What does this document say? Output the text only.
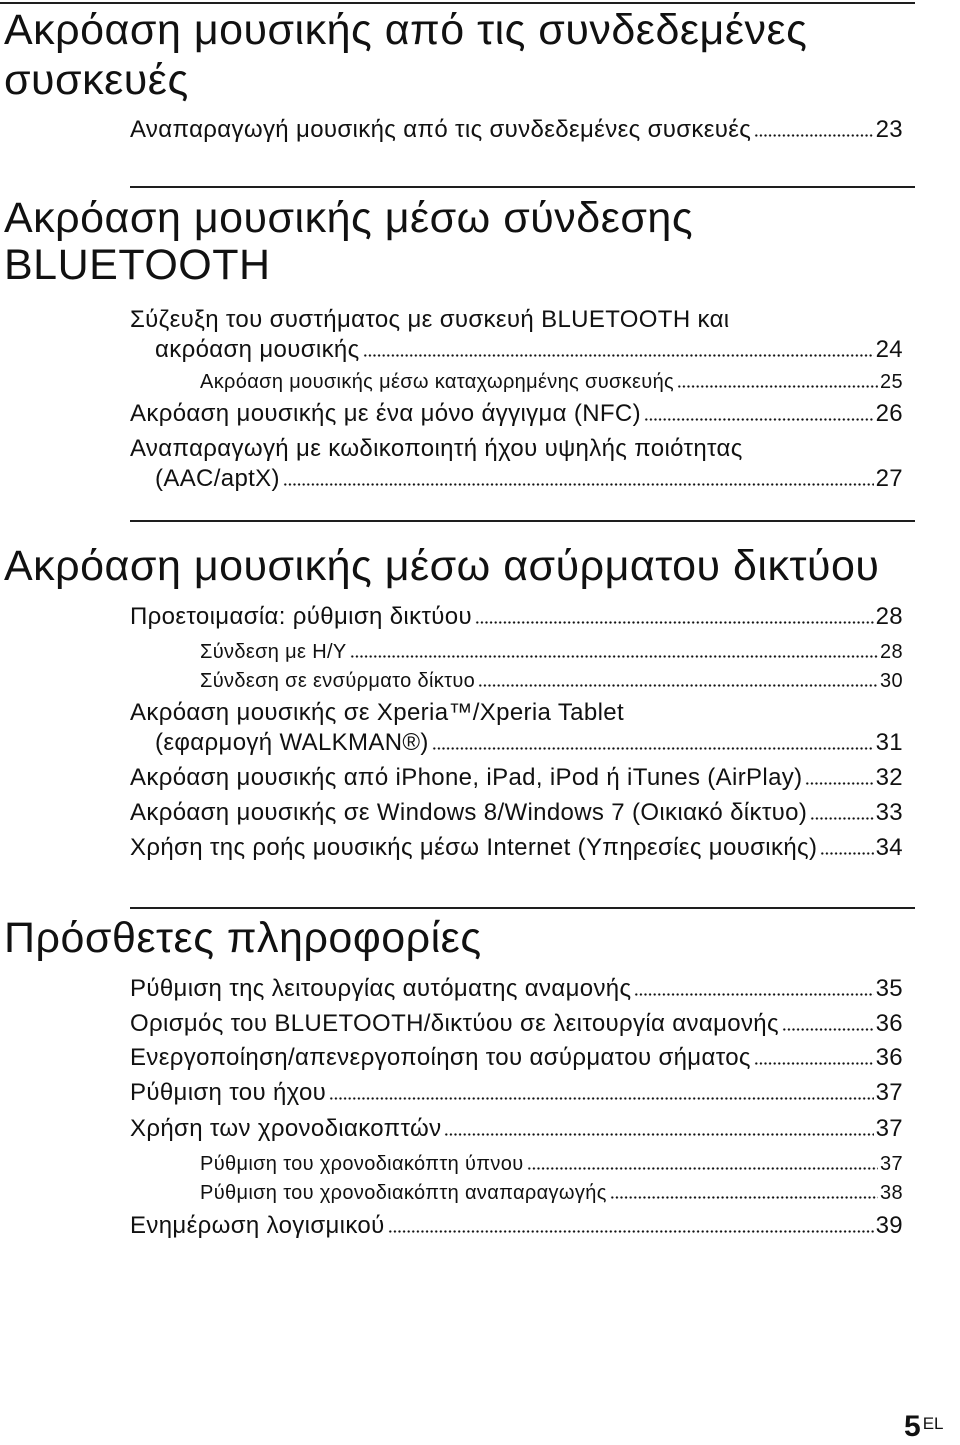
Ακρόαση μουσικής από τις συνδεδεμένες
συσκευές
Αναπαραγωγή μουσικής από τις συνδεδεμένες συσκευές	23
Ακρόαση μουσικής μέσω σύνδεσης
BLUETOOTH
Σύζευξη του συστήματος με συσκευή BLUETOOTH και
ακρόαση μουσικής	24
Ακρόαση μουσικής μέσω καταχωρημένης συσκευής	25
Ακρόαση μουσικής με ένα μόνο άγγιγμα (NFC)	26
Αναπαραγωγή με κωδικοποιητή ήχου υψηλής ποιότητας
(AAC/aptX)	27
Ακρόαση μουσικής μέσω ασύρματου δικτύου
Προετοιμασία: ρύθμιση δικτύου	28
Σύνδεση με Η/Υ	28
Σύνδεση σε ενσύρματο δίκτυο	30
Ακρόαση μουσικής σε Xperia™/Xperia Tablet
(εφαρμογή WALKMAN®)	31
Ακρόαση μουσικής από iPhone, iPad, iPod ή iTunes (AirPlay)	32
Ακρόαση μουσικής σε Windows 8/Windows 7 (Οικιακό δίκτυο)	33
Χρήση της ροής μουσικής μέσω Internet (Υπηρεσίες μουσικής) 34
Πρόσθετες πληροφορίες
Ρύθμιση της λειτουργίας αυτόματης αναμονής	35
Ορισμός του BLUETOOTH/δικτύου σε λειτουργία αναμονής	36
Ενεργοποίηση/απενεργοποίηση του ασύρματου σήματος	36
Ρύθμιση του ήχου	37
Χρήση των χρονοδιακοπτών	37
Ρύθμιση του χρονοδιακόπτη ύπνου	37
Ρύθμιση του χρονοδιακόπτη αναπαραγωγής	38
Ενημέρωση λογισμικού	39
5 EL
